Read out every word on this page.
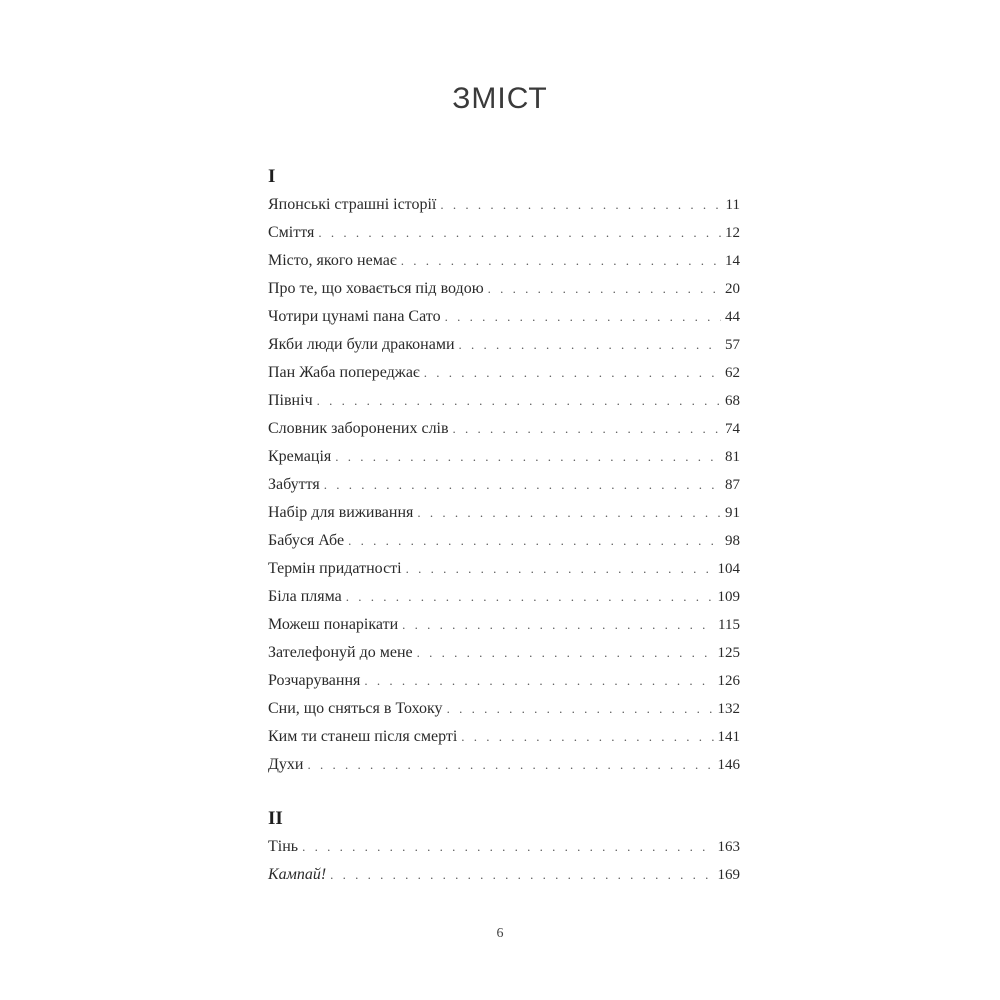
ЗМІСТ
I
Японські страшні історії . . .	11
Сміття . . .	12
Місто, якого немає . . .	14
Про те, що ховається під водою . . .	20
Чотири цунамі пана Сато . . .	44
Якби люди були драконами . . .	57
Пан Жаба попереджає . . .	62
Північ . . .	68
Словник заборонених слів . . .	74
Кремація . . .	81
Забуття . . .	87
Набір для виживання . . .	91
Бабуся Абе . . .	98
Термін придатності . . .	104
Біла пляма . . .	109
Можеш понарікати . . .	115
Зателефонуй до мене . . .	125
Розчарування . . .	126
Сни, що сняться в Тохоку . . .	132
Ким ти станеш після смерті . . .	141
Духи . . .	146
II
Тінь . . .	163
Кампай! . . .	169
6
